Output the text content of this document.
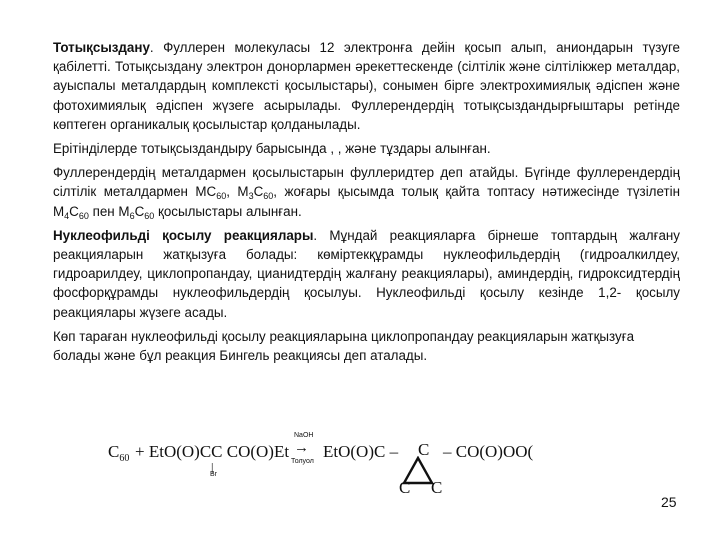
Тотықсыздану. Фуллерен молекуласы 12 электронға дейін қосып алып, аниондарын түзуге қабілетті. Тотықсыздану электрон донорлармен әрекеттескенде (сілтілік және сілтілікжер металдар, ауыспалы металдардың комплексті қосылыстары), сонымен бірге электрохимиялық әдіспен және фотохимиялық әдіспен жүзеге асырылады. Фуллерендердің тотықсыздандырғыштары ретінде көптеген органикалық қосылыстар қолданылады.

Ерітінділерде тотықсыздандыру барысында , , және тұздары алынған.

Фуллерендердің металдармен қосылыстарын фуллеридтер деп атайды. Бүгінде фуллерендердің сілтілік металдармен $МС_{60}$, $М_3С_{60}$, жоғары қысымда толық қайта топтасу нәтижесінде түзілетін $М_4С_{60}$ пен $М_6С_{60}$ қосылыстары алынған.

Нуклеофильді қосылу реакциялары. Мұндай реакцияларға бірнеше топтардың жалғану реакцияларын жатқызуға болады: көміртекқұрамды нуклеофильдердің (гидроалкилдеу, гидроарилдеу, циклопропандау, цианидтердің жалғану реакциялары), аминдердің, гидроксидтердің фосфорқұрамды нуклеофильдердің қосылуы. Нуклеофильді қосылу кезінде 1,2- қосылу реакциялары жүзеге асады.

Көп тараған нуклеофильді қосылу реакцияларына циклопропандау реакцияларын жатқызуға болады және бұл реакция Бингель реакциясы деп аталады.

$C_{60} + EtO(O)CC$ CO(O)Et
|
Br
NaOH
→
Толуол
EtO(O)C – C – CO(O)OO(
C C
25
